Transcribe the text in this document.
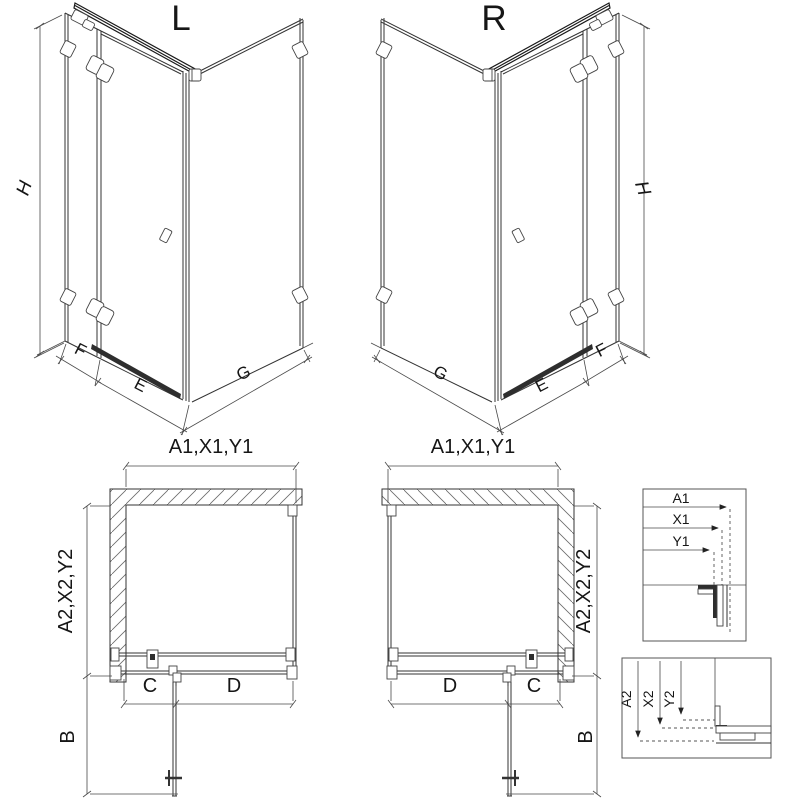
L
H
F
E
G
R
H
F
E
G
A1,X1,Y1
A2,X2,Y2
C	D
B
A1,X1,Y1
A2,X2,Y2
C
D
B
A1
X1
Y1
A2 X2 Y2
